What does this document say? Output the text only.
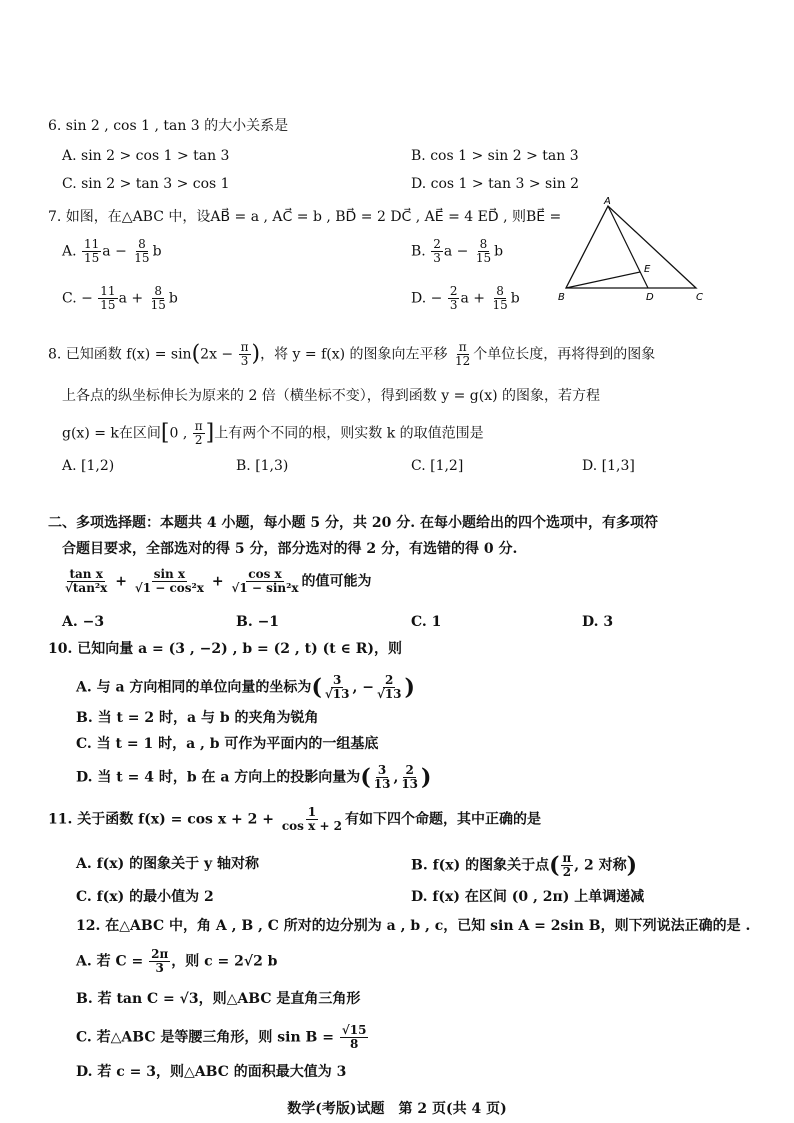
6. sin 2 , cos 1 , tan 3 的大小关系是
A. sin 2 > cos 1 > tan 3	B. cos 1 > sin 2 > tan 3
C. sin 2 > tan 3 > cos 1	D. cos 1 > tan 3 > sin 2
7. 如图，在△ABC 中，设AB⃗ = a , AC⃗ = b , BD⃗ = 2 DC⃗ , AE⃗ = 4 ED⃗ , 则BE⃗ =
A. $\frac{11}{15}$ $a - \frac{8}{15}$ b	B. $\frac{2}{3}$ $a - \frac{8}{15}$ b
C. − $\frac{11}{15}$ $a + \frac{8}{15}$ b	D. − $\frac{2}{3}$ $a + \frac{8}{15}$ b
A
B	C
D
E
8. 已知函数 $f(x) = \sin(2x - \frac{\pi}{3}$ )，将 y = f(x) 的图象向左平移 $\frac{\pi}{12}$ 个单位长度，再将得到的图象
上各点的纵坐标伸长为原来的 2 倍（横坐标不变），得到函数 y = g(x) 的图象，若方程
g(x) = k在区间[0 , $\frac{\pi}{2}$ ]上有两个不同的根，则实数 k 的取值范围是
A. [1,2)	B. [1,3)	C. [1,2]	D. [1,3]
二、多项选择题：本题共 4 小题，每小题 5 分，共 20 分. 在每小题给出的四个选项中，有多项符
合题目要求，全部选对的得 5 分，部分选对的得 2 分，有选错的得 0 分.
$\frac{\text{tan x}}{\text{√tan²x}} + \frac{\text{sin x}}{\text{√1 − cos²x}} + \frac{\text{cos x}}{\text{√1 − sin²x}}$ 的值可能为
A. −3	B. −1	C. 1	D. 3
10. 已知向量 a = (3 , −2) , b = (2 , t) (t ∈ R)，则
A. 与 a 方向相同的单位向量的坐标为( $\frac{3}{√13}$ , − $\frac{2}{√13}$ )
B. 当 t = 2 时，a 与 b 的夹角为锐角
C. 当 t = 1 时，a , b 可作为平面内的一组基底
D. 当 t = 4 时，b 在 a 方向上的投影向量为( $\frac{3}{13}$ , $\frac{2}{13}$ )
11. 关于函数 $f(x) = \cos x + 2 + \frac{1}{\text{cos x + 2}}$ 有如下四个命题，其中正确的是
A. f(x) 的图象关于 y 轴对称	B. f(x) 的图象关于点( $\frac{\pi}{2}$ , 2 对称)
C. f(x) 的最小值为 2	D. f(x) 在区间 (0 , 2π) 上单调递减
12. 在△ABC 中，角 A , B , C 所对的边分别为 a , b , c，已知 sin A = 2sin B，则下列说法正确的是 .
A. 若 $C = \frac{2\pi}{3}$ ，则 c = 2√2 b
B. 若 tan C = √3，则△ABC 是直角三角形
C. 若△ABC 是等腰三角形，则 $\sin B = \frac{√15}{8}$
D. 若 c = 3，则△ABC 的面积最大值为 3
数学(考版)试题　第 2 页(共 4 页)
